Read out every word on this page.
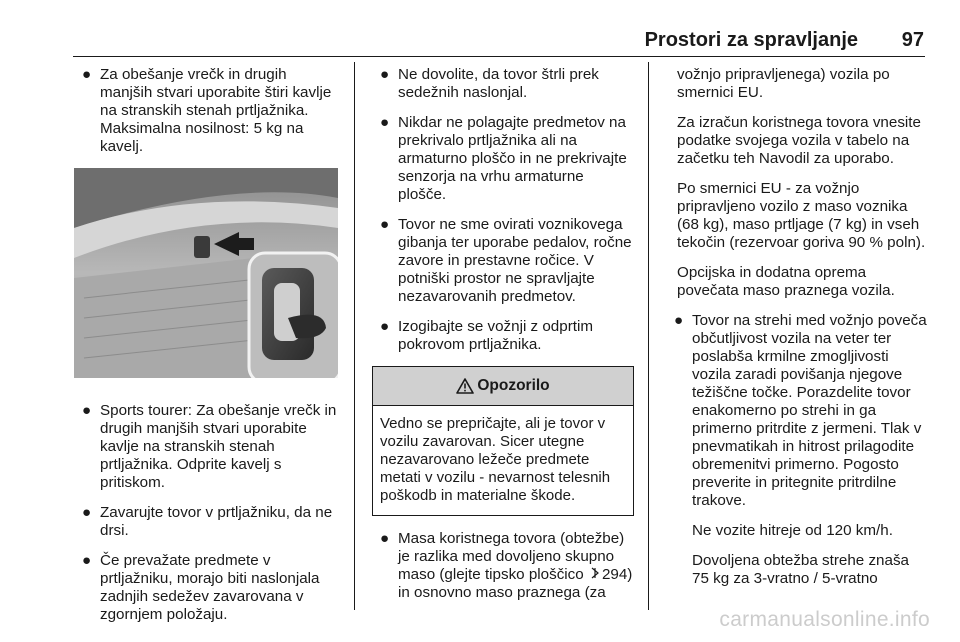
Prostori za spravljanje 97
● Za obešanje vrečk in drugih manjših stvari uporabite štiri kavlje na stranskih stenah prtljažnika. Maksimalna nosilnost: 5 kg na kavelj.
● Sports tourer: Za obešanje vrečk in drugih manjših stvari uporabite kavlje na stranskih stenah prtljažnika. Odprite kavelj s pritiskom.
● Zavarujte tovor v prtljažniku, da ne drsi.
● Če prevažate predmete v prtljažniku, morajo biti naslonjala zadnjih sedežev zavarovana v zgornjem položaju.
● Ne dovolite, da tovor štrli prek sedežnih naslonjal.
● Nikdar ne polagajte predmetov na prekrivalo prtljažnika ali na armaturno ploščo in ne prekrivajte senzorja na vrhu armaturne plošče.
● Tovor ne sme ovirati voznikovega gibanja ter uporabe pedalov, ročne zavore in prestavne ročice. V potniški prostor ne spravljajte nezavarovanih predmetov.
● Izogibajte se vožnji z odprtim pokrovom prtljažnika.
Opozorilo
Vedno se prepričajte, ali je tovor v vozilu zavarovan. Sicer utegne nezavarovano ležeče predmete metati v vozilu - nevarnost telesnih poškodb in materialne škode.
● Masa koristnega tovora (obtežbe) je razlika med dovoljeno skupno maso (glejte tipsko ploščico 294) in osnovno maso praznega (za
vožnjo pripravljenega) vozila po smernici EU.
Za izračun koristnega tovora vnesite podatke svojega vozila v tabelo na začetku teh Navodil za uporabo.
Po smernici EU - za vožnjo pripravljeno vozilo z maso voznika (68 kg), maso prtljage (7 kg) in vseh tekočin (rezervoar goriva 90 % poln).
Opcijska in dodatna oprema povečata maso praznega vozila.
● Tovor na strehi med vožnjo poveča občutljivost vozila na veter ter poslabša krmilne zmogljivosti vozila zaradi povišanja njegove težiščne točke. Porazdelite tovor enakomerno po strehi in ga primerno pritrdite z jermeni. Tlak v pnevmatikah in hitrost prilagodite obremenitvi primerno. Pogosto preverite in pritegnite pritrdilne trakove.
Ne vozite hitreje od 120 km/h.
Dovoljena obtežba strehe znaša 75 kg za 3-vratno / 5-vratno
carmanualsonline.info
